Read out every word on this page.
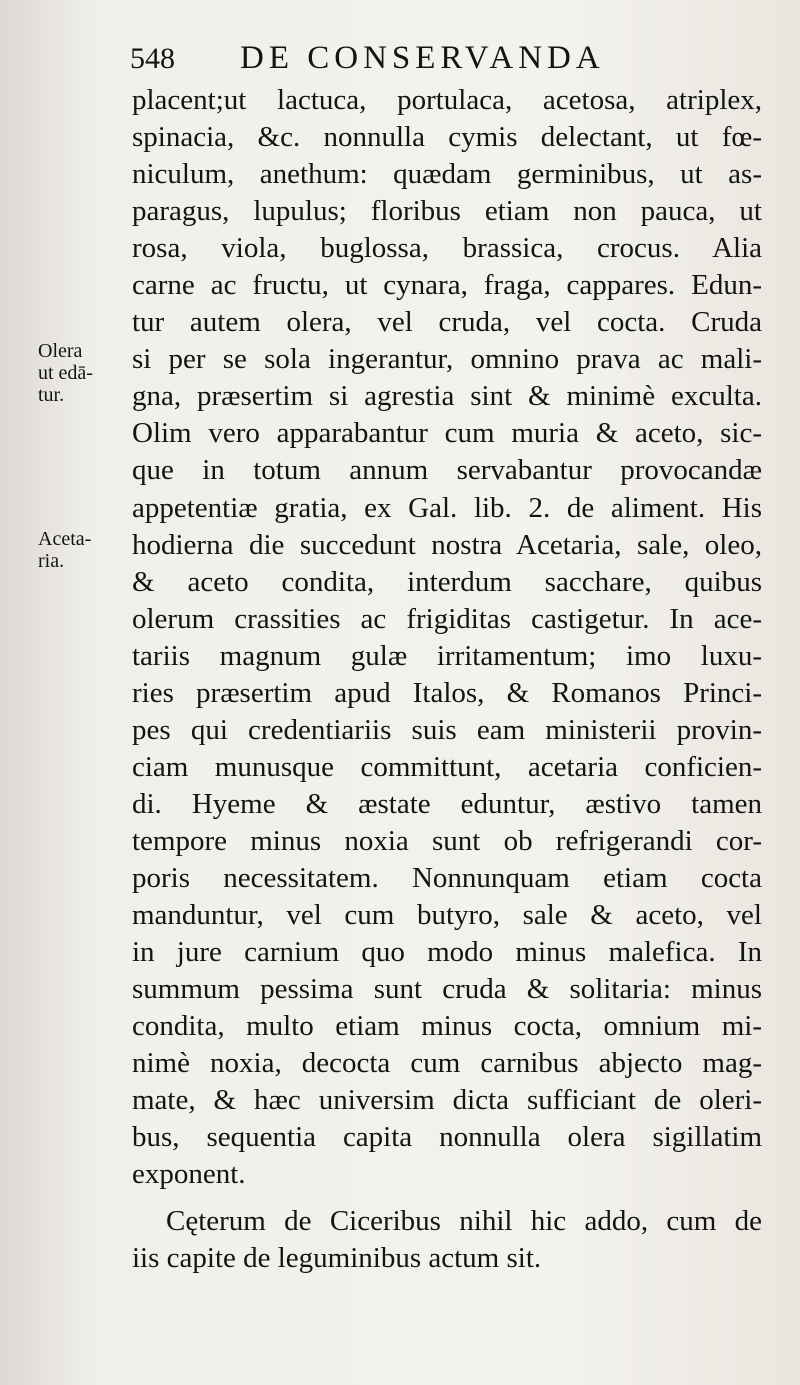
548	DE CONSERVANDA
Olera
ut edā-
tur.
Aceta-
ria.
placent;ut lactuca, portulaca, acetosa, atriplex,
spinacia, &c. nonnulla cymis delectant, ut fœ-
niculum, anethum: quædam germinibus, ut as-
paragus, lupulus; floribus etiam non pauca, ut
rosa, viola, buglossa, brassica, crocus. Alia
carne ac fructu, ut cynara, fraga, cappares. Edun-
tur autem olera, vel cruda, vel cocta. Cruda
si per se sola ingerantur, omnino prava ac mali-
gna, præsertim si agrestia sint & minimè exculta.
Olim vero apparabantur cum muria & aceto, sic-
que in totum annum servabantur provocandæ
appetentiæ gratia, ex Gal. lib. 2. de aliment. His
hodierna die succedunt nostra Acetaria, sale, oleo,
& aceto condita, interdum sacchare, quibus
olerum crassities ac frigiditas castigetur. In ace-
tariis magnum gulæ irritamentum; imo luxu-
ries præsertim apud Italos, & Romanos Princi-
pes qui credentiariis suis eam ministerii provin-
ciam munusque committunt, acetaria conficien-
di. Hyeme & æstate eduntur, æstivo tamen
tempore minus noxia sunt ob refrigerandi cor-
poris necessitatem. Nonnunquam etiam cocta
manduntur, vel cum butyro, sale & aceto, vel
in jure carnium quo modo minus malefica. In
summum pessima sunt cruda & solitaria: minus
condita, multo etiam minus cocta, omnium mi-
nimè noxia, decocta cum carnibus abjecto mag-
mate, & hæc universim dicta sufficiant de oleri-
bus, sequentia capita nonnulla olera sigillatim
exponent.
Cęterum de Ciceribus nihil hic addo, cum de
iis capite de leguminibus actum sit.
